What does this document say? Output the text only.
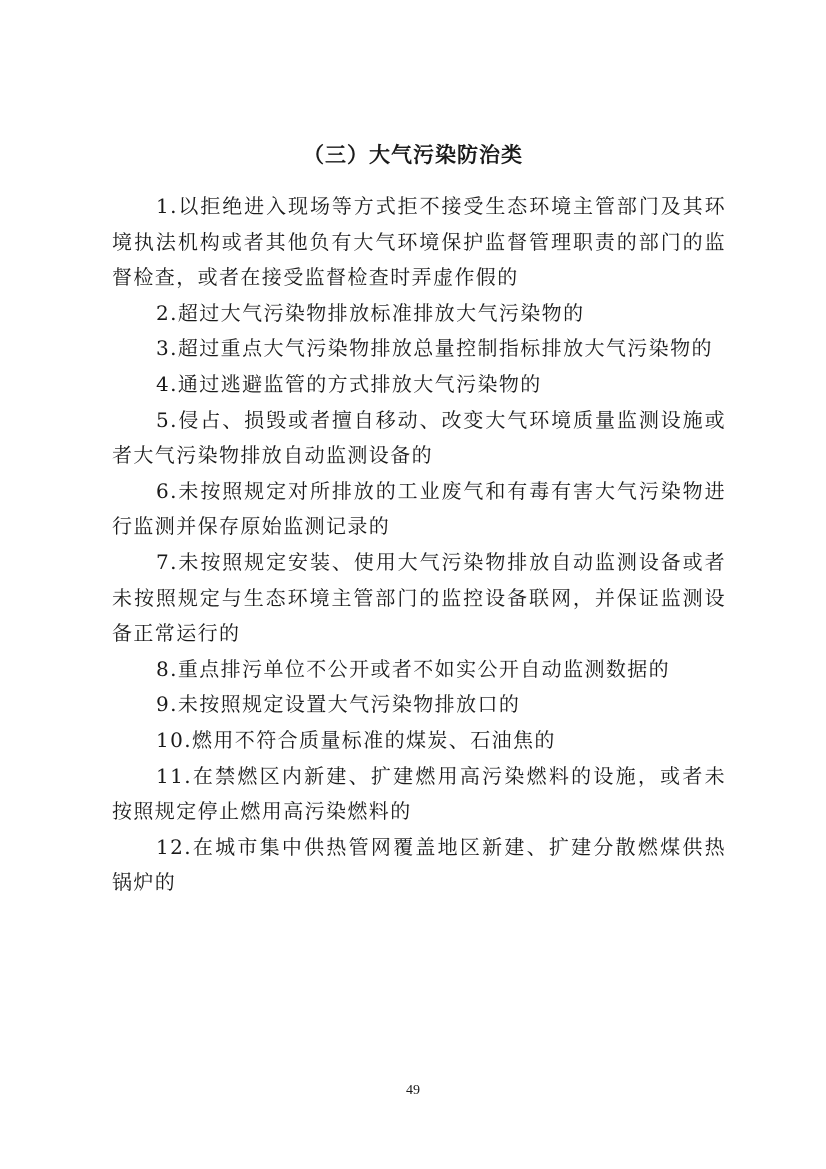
（三）大气污染防治类

1.以拒绝进入现场等方式拒不接受生态环境主管部门及其环境执法机构或者其他负有大气环境保护监督管理职责的部门的监督检查，或者在接受监督检查时弄虚作假的

2.超过大气污染物排放标准排放大气污染物的

3.超过重点大气污染物排放总量控制指标排放大气污染物的

4.通过逃避监管的方式排放大气污染物的

5.侵占、损毁或者擅自移动、改变大气环境质量监测设施或者大气污染物排放自动监测设备的

6.未按照规定对所排放的工业废气和有毒有害大气污染物进行监测并保存原始监测记录的

7.未按照规定安装、使用大气污染物排放自动监测设备或者未按照规定与生态环境主管部门的监控设备联网，并保证监测设备正常运行的

8.重点排污单位不公开或者不如实公开自动监测数据的

9.未按照规定设置大气污染物排放口的

10.燃用不符合质量标准的煤炭、石油焦的

11.在禁燃区内新建、扩建燃用高污染燃料的设施，或者未按照规定停止燃用高污染燃料的

12.在城市集中供热管网覆盖地区新建、扩建分散燃煤供热锅炉的

49
